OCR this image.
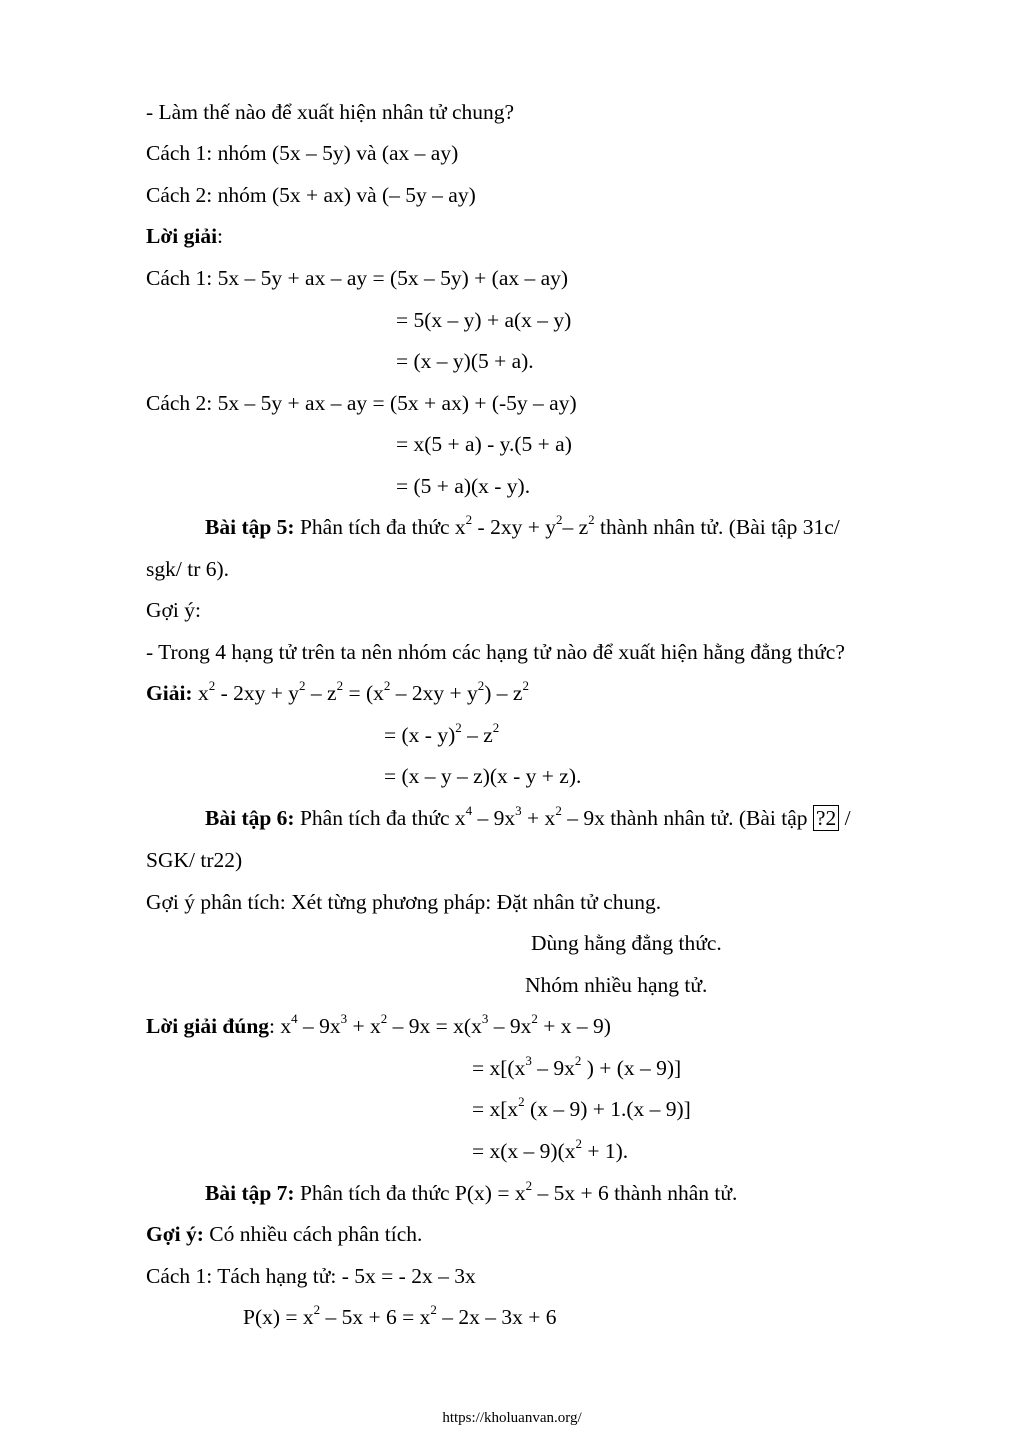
- Làm thế nào để xuất hiện nhân tử chung?
Cách 1: nhóm (5x – 5y) và (ax – ay)
Cách 2: nhóm (5x + ax) và (– 5y – ay)
Lời giải:
Cách 1: 5x – 5y + ax – ay = (5x – 5y) + (ax – ay)
= 5(x – y) + a(x – y)
= (x – y)(5 + a).
Cách 2: 5x – 5y + ax – ay = (5x + ax) + (-5y – ay)
= x(5 + a) - y.(5 + a)
= (5 + a)(x - y).
Bài tập 5: Phân tích đa thức $x^2 - 2xy + y^2-$ $z^2$ thành nhân tử. (Bài tập 31c/
sgk/ tr 6).
Gợi ý:
- Trong 4 hạng tử trên ta nên nhóm các hạng tử nào để xuất hiện hằng đẳng thức?
Giải: $x^2 - 2xy + y^2 - z^2 = (x^2 - 2xy + y^2) - z^2$
= $(x - y)^2 - z^2$
= (x – y – z)(x - y + z).
Bài tập 6: Phân tích đa thức $x^4 - 9x^3 + x^2 - 9x$ thành nhân tử. (Bài tập ?2 /
SGK/ tr22)
Gợi ý phân tích: Xét từng phương pháp: Đặt nhân tử chung.
Dùng hằng đẳng thức.
Nhóm nhiều hạng tử.
Lời giải đúng: $x^4 - 9x^3 + x^2 - 9x = x(x^3 - 9x^2 + x - 9)$
= $x[(x^3 - 9x^2$ ) + (x – 9)]
= $x[x^2$ (x – 9) + 1.(x – 9)]
= $x(x - 9)(x^2 + 1)$.
Bài tập 7: Phân tích đa thức $P(x) = x^2 - 5x + 6$ thành nhân tử.
Gợi ý: Có nhiều cách phân tích.
Cách 1: Tách hạng tử: - 5x = - 2x – 3x
$P(x) = x^2 - 5x + 6 = x^2 - 2x - 3x + 6$
https://kholuanvan.org/
